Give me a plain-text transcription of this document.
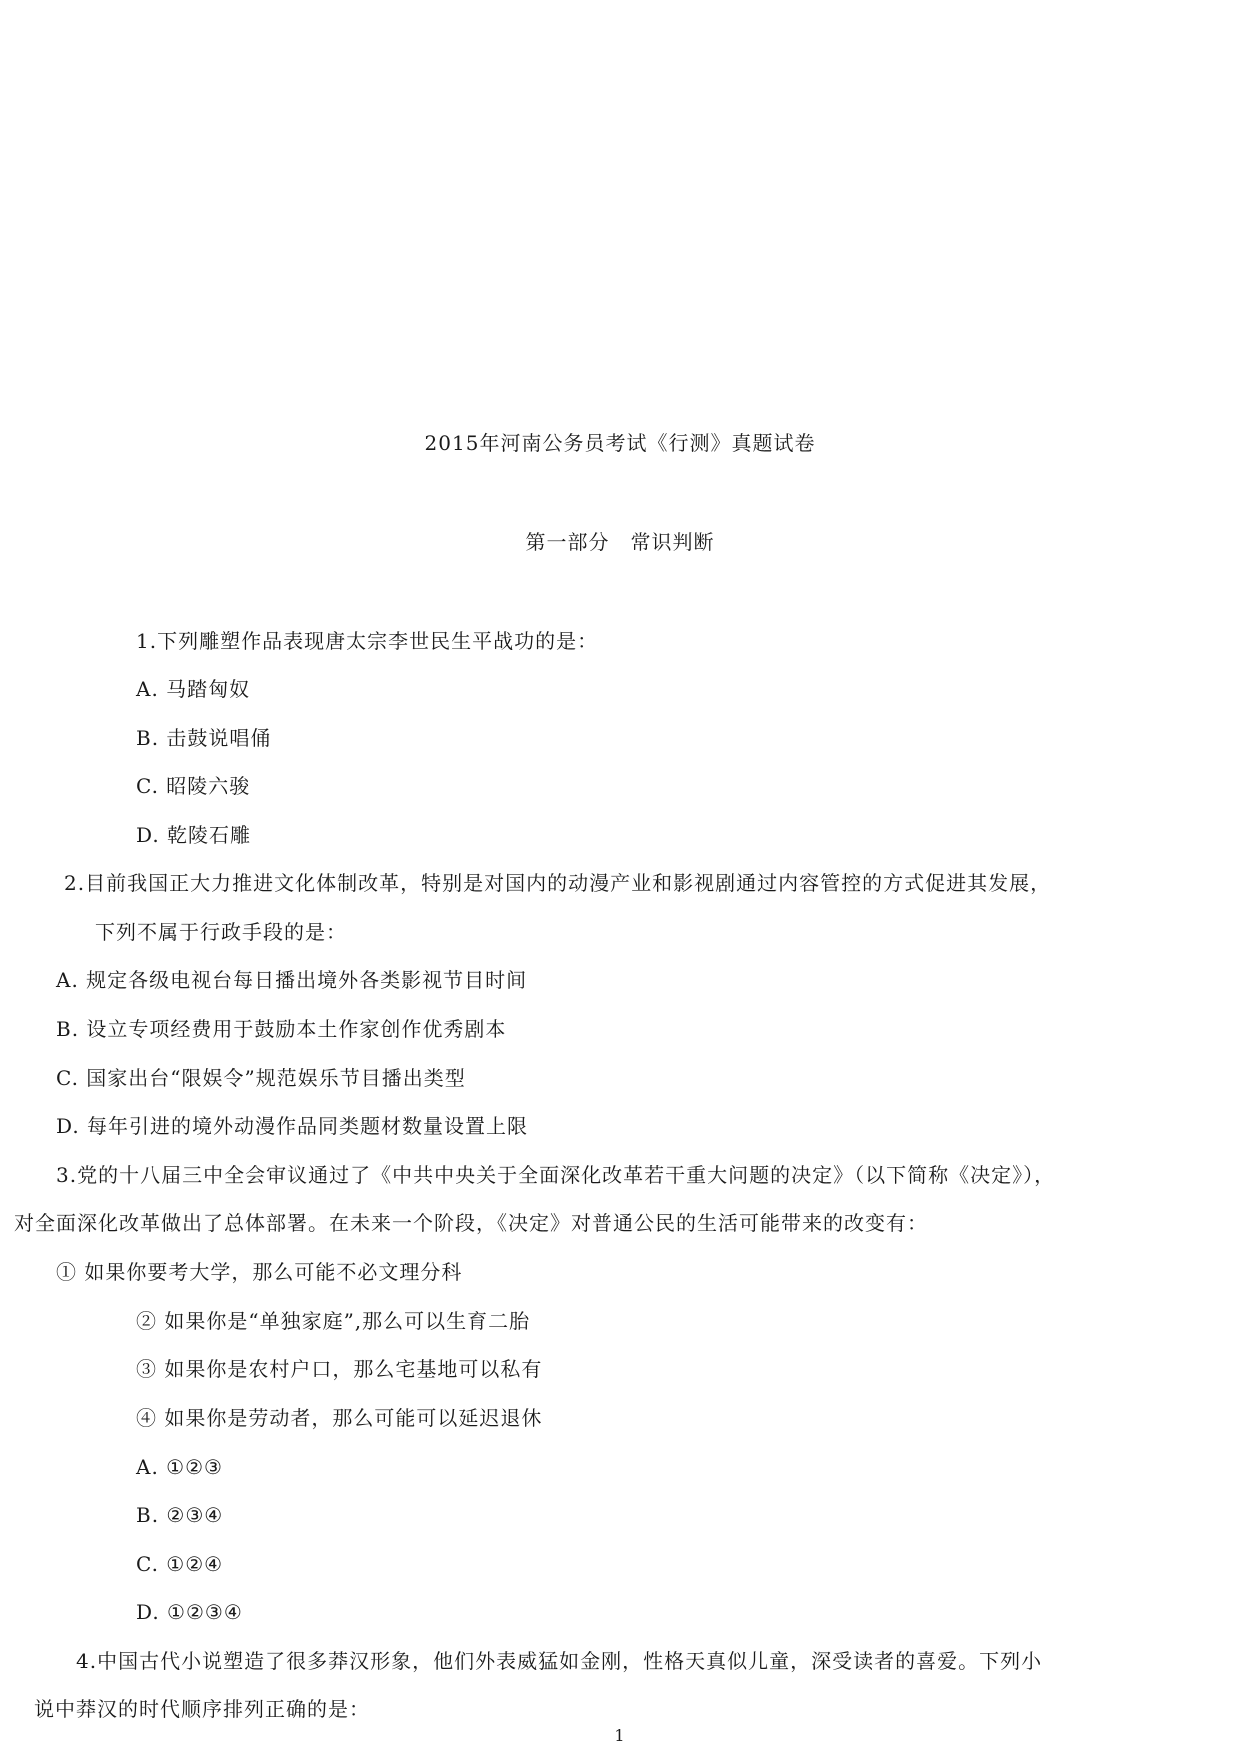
2015年河南公务员考试《行测》真题试卷
第一部分　常识判断
1.下列雕塑作品表现唐太宗李世民生平战功的是：
A. 马踏匈奴
B. 击鼓说唱俑
C. 昭陵六骏
D. 乾陵石雕
2.目前我国正大力推进文化体制改革，特别是对国内的动漫产业和影视剧通过内容管控的方式促进其发展，
下列不属于行政手段的是：
A. 规定各级电视台每日播出境外各类影视节目时间
B. 设立专项经费用于鼓励本土作家创作优秀剧本
C. 国家出台“限娱令”规范娱乐节目播出类型
D. 每年引进的境外动漫作品同类题材数量设置上限
3.党的十八届三中全会审议通过了《中共中央关于全面深化改革若干重大问题的决定》（以下简称《决定》），
对全面深化改革做出了总体部署。在未来一个阶段，《决定》对普通公民的生活可能带来的改变有：
① 如果你要考大学，那么可能不必文理分科
② 如果你是“单独家庭”,那么可以生育二胎
③ 如果你是农村户口，那么宅基地可以私有
④ 如果你是劳动者，那么可能可以延迟退休
A. ①②③
B. ②③④
C. ①②④
D. ①②③④
4.中国古代小说塑造了很多莽汉形象，他们外表威猛如金刚，性格天真似儿童，深受读者的喜爱。下列小
说中莽汉的时代顺序排列正确的是：
1
